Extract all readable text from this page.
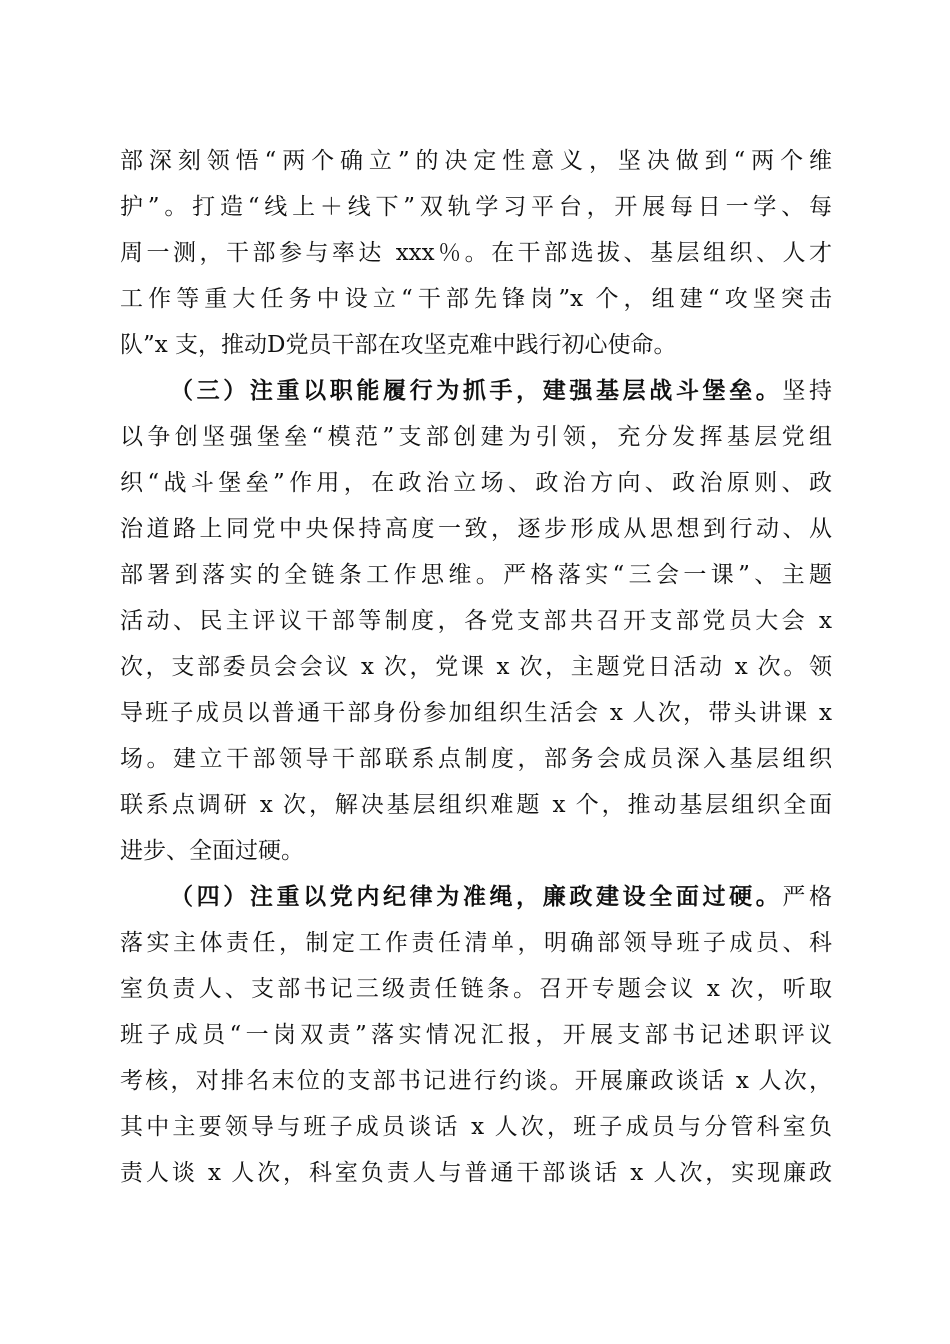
部深刻领悟“两个确立”的决定性意义，坚决做到“两个维
护”。打造“线上＋线下”双轨学习平台，开展每日一学、每
周一测，干部参与率达 xxx％。在干部选拔、基层组织、人才
工作等重大任务中设立“干部先锋岗”x 个，组建“攻坚突击
队”x 支，推动D党员干部在攻坚克难中践行初心使命。
（三）注重以职能履行为抓手，建强基层战斗堡垒。坚持
以争创坚强堡垒“模范”支部创建为引领，充分发挥基层党组
织“战斗堡垒”作用，在政治立场、政治方向、政治原则、政
治道路上同党中央保持高度一致，逐步形成从思想到行动、从
部署到落实的全链条工作思维。严格落实“三会一课”、主题
活动、民主评议干部等制度，各党支部共召开支部党员大会 x
次，支部委员会会议 x 次，党课 x 次，主题党日活动 x 次。领
导班子成员以普通干部身份参加组织生活会 x 人次，带头讲课 x
场。建立干部领导干部联系点制度，部务会成员深入基层组织
联系点调研 x 次，解决基层组织难题 x 个，推动基层组织全面
进步、全面过硬。
（四）注重以党内纪律为准绳，廉政建设全面过硬。严格
落实主体责任，制定工作责任清单，明确部领导班子成员、科
室负责人、支部书记三级责任链条。召开专题会议 x 次，听取
班子成员“一岗双责”落实情况汇报，开展支部书记述职评议
考核，对排名末位的支部书记进行约谈。开展廉政谈话 x 人次，
其中主要领导与班子成员谈话 x 人次，班子成员与分管科室负
责人谈 x 人次，科室负责人与普通干部谈话 x 人次，实现廉政
